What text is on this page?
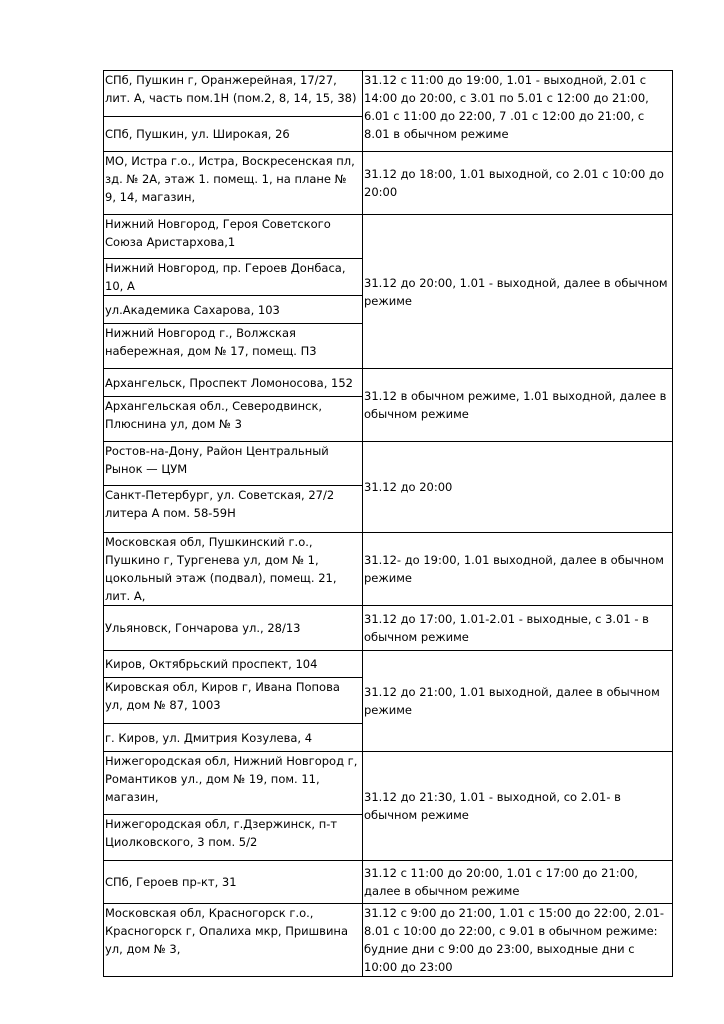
СПб, Пушкин г, Оранжерейная, 17/27, лит. А, часть пом.1Н (пом.2, 8, 14, 15, 38)	31.12 с 11:00 до 19:00, 1.01 - выходной, 2.01 с 14:00 до 20:00, с 3.01 по 5.01 с 12:00 до 21:00, 6.01 с 11:00 до 22:00, 7 .01 с 12:00 до 21:00, с 8.01 в обычном режиме
СПб, Пушкин, ул. Широкая, 26	
МО, Истра г.о., Истра, Воскресенская пл, зд. № 2А, этаж 1. помещ. 1, на плане № 9, 14, магазин,	31.12 до 18:00, 1.01 выходной, со 2.01 с 10:00 до 20:00
Нижний Новгород, Героя Советского Союза Аристархова,1	31.12 до 20:00, 1.01 - выходной, далее в обычном режиме
Нижний Новгород, пр. Героев Донбаса, 10, А	
ул.Академика Сахарова, 103	
Нижний Новгород г., Волжская набережная, дом № 17, помещ. П3	
Архангельск, Проспект Ломоносова, 152	31.12 в обычном режиме, 1.01 выходной, далее в обычном режиме
Архангельская обл., Северодвинск, Плюснина ул, дом № 3	
Ростов-на-Дону, Район Центральный Рынок — ЦУМ	31.12 до 20:00
Санкт-Петербург, ул. Советская, 27/2 литера А пом. 58-59Н	
Московская обл, Пушкинский г.о., Пушкино г, Тургенева ул, дом № 1, цокольный этаж (подвал), помещ. 21, лит. А,	31.12- до 19:00, 1.01 выходной, далее в обычном режиме
Ульяновск, Гончарова ул., 28/13	31.12 до 17:00, 1.01-2.01 - выходные, с 3.01 - в обычном режиме
Киров, Октябрьский проспект, 104	31.12 до 21:00, 1.01 выходной, далее в обычном режиме
Кировская обл, Киров г, Ивана Попова ул, дом № 87, 1003	
г. Киров, ул. Дмитрия Козулева, 4	
Нижегородская обл, Нижний Новгород г, Романтиков ул., дом № 19, пом. 11, магазин,	31.12 до 21:30, 1.01 - выходной, со 2.01- в обычном режиме
Нижегородская обл, г.Дзержинск, п-т Циолковского, 3 пом. 5/2	
СПб, Героев пр-кт, 31	31.12 с 11:00 до 20:00, 1.01 с 17:00 до 21:00, далее в обычном режиме
Московская обл, Красногорск г.о., Красногорск г, Опалиха мкр, Пришвина ул, дом № 3,	31.12 с 9:00 до 21:00, 1.01 с 15:00 до 22:00, 2.01-8.01 с 10:00 до 22:00, с 9.01 в обычном режиме: будние дни с 9:00 до 23:00, выходные дни с 10:00 до 23:00
